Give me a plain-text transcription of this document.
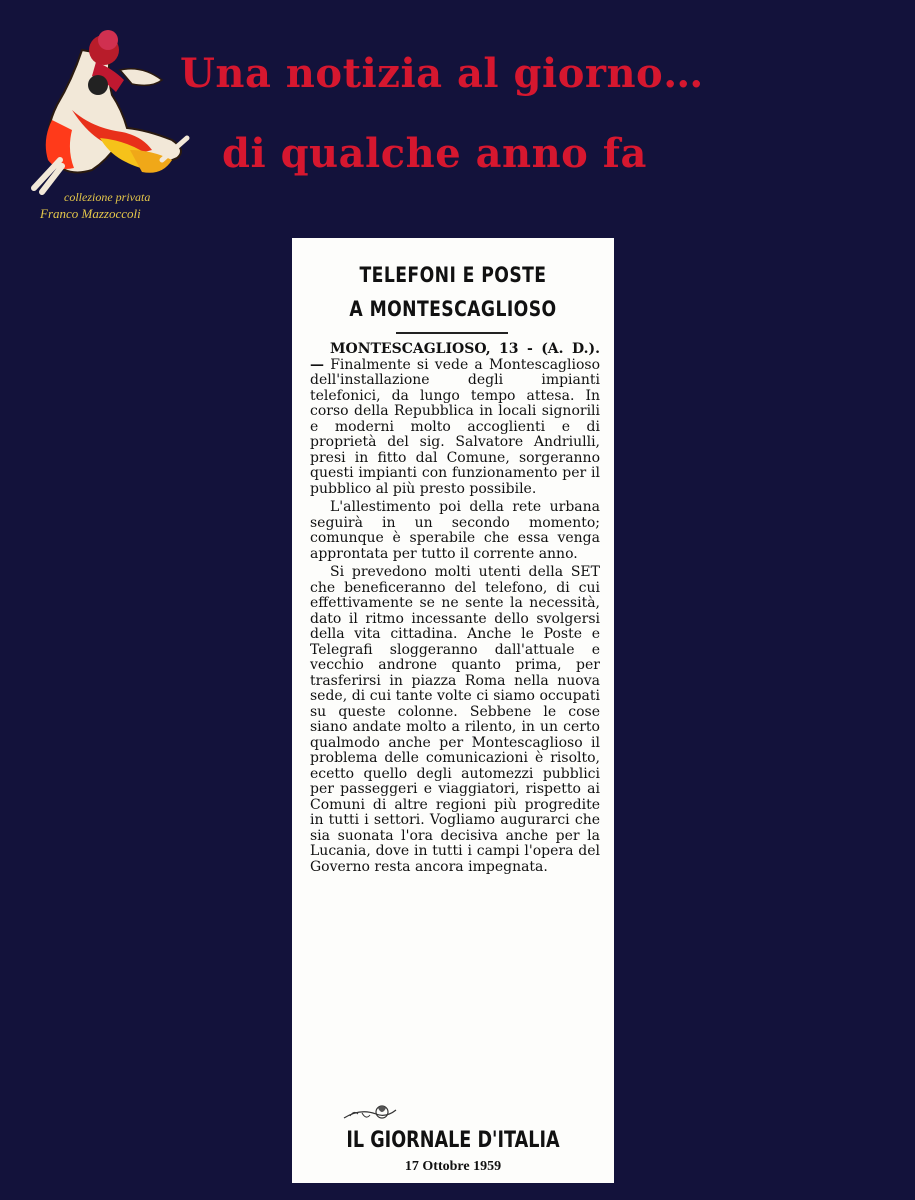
collezione privata
Franco Mazzoccoli
Una notizia al giorno…
di qualche anno fa
TELEFONI E POSTE
A MONTESCAGLIOSO

MONTESCAGLIOSO, 13 - (A. D.). — Finalmente si vede a Montescaglioso dell'installazione degli impianti telefonici, da lungo tempo attesa. In corso della Repubblica in locali signorili e moderni molto accoglienti e di proprietà del sig. Salvatore Andriulli, presi in fitto dal Comune, sorgeranno questi impianti con funzionamento per il pubblico al più presto possibile.

L'allestimento poi della rete urbana seguirà in un secondo momento; comunque è sperabile che essa venga approntata per tutto il corrente anno.

Si prevedono molti utenti della SET che beneficeranno del telefono, di cui effettivamente se ne sente la necessità, dato il ritmo incessante dello svolgersi della vita cittadina. Anche le Poste e Telegrafi sloggeranno dall'attuale e vecchio androne quanto prima, per trasferirsi in piazza Roma nella nuova sede, di cui tante volte ci siamo occupati su queste colonne. Sebbene le cose siano andate molto a rilento, in un certo qualmodo anche per Montescaglioso il problema delle comunicazioni è risolto, ecetto quello degli automezzi pubblici per passeggeri e viaggiatori, rispetto ai Comuni di altre regioni più progredite in tutti i settori. Vogliamo augurarci che sia suonata l'ora decisiva anche per la Lucania, dove in tutti i campi l'opera del Governo resta ancora impegnata.

IL GIORNALE D'ITALIA
17 Ottobre 1959
